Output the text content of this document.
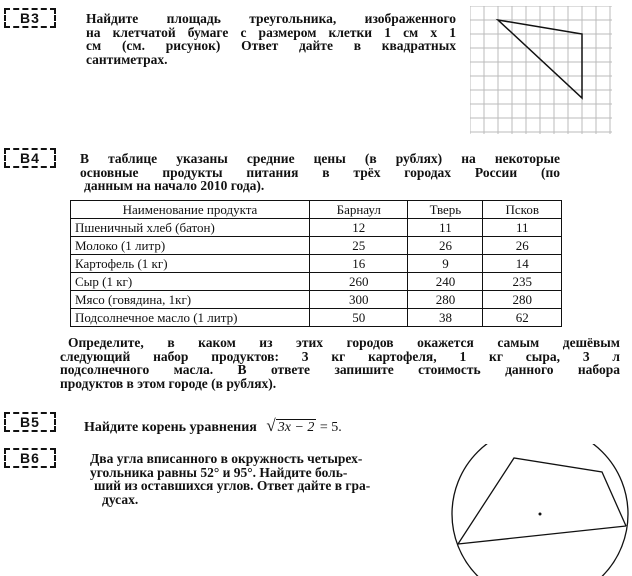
B3	Найдите площадь треугольника, изображенного
на клетчатой бумаге с размером клетки 1 см х 1
см (см. рисунок) Ответ дайте в квадратных
сантиметрах.
B4	В таблице указаны средние цены (в рублях) на некоторые
основные продукты питания в трёх городах России (по
данным на начало 2010 года).
Наименование продукта	Барнаул	Тверь	Псков
Пшеничный хлеб (батон)	12	11	11
Молоко (1 литр)	25	26	26
Картофель (1 кг)	16	9	14
Сыр (1 кг)	260	240	235
Мясо (говядина, 1кг)	300	280	280
Подсолнечное масло (1 литр)	50	38	62
Определите, в каком из этих городов окажется самым дешёвым
следующий набор продуктов: 3 кг картофеля, 1 кг сыра, 3 л
подсолнечного масла. В ответе запишите стоимость данного набора
продуктов в этом городе (в рублях).
B5	Найдите корень уравнения √ 3x − 2 = 5.
B6	Два угла вписанного в окружность четырех-
угольника равны 52° и 95°. Найдите боль-
ший из оставшихся углов. Ответ дайте в гра-
дусах.
